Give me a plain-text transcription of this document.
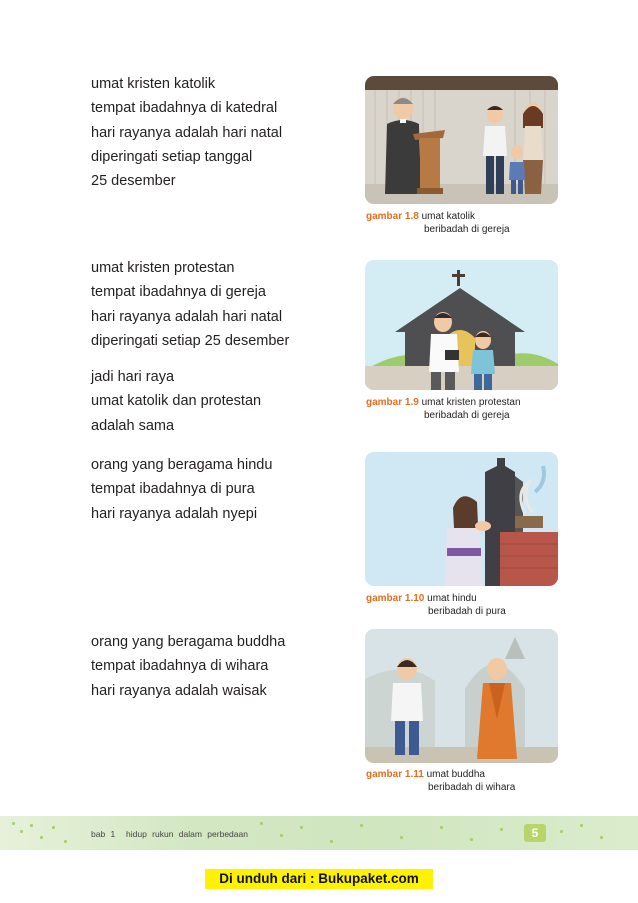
umat kristen katolik
tempat ibadahnya di katedral
hari rayanya adalah hari natal
diperingati setiap tanggal
25 desember
umat kristen protestan
tempat ibadahnya di gereja
hari rayanya adalah hari natal
diperingati setiap 25 desember
jadi hari raya
umat katolik dan protestan
adalah sama
orang yang beragama hindu
tempat ibadahnya di pura
hari rayanya adalah nyepi
orang yang beragama buddha
tempat ibadahnya di wihara
hari rayanya adalah waisak
gambar 1.8
umat katolik
beribadah di gereja
gambar 1.9
umat kristen protestan
beribadah di gereja
gambar 1.10
umat hindu
beribadah di pura
gambar 1.11
umat buddha
beribadah di wihara
bab 1 hidup rukun dalam perbedaan	5
Di unduh dari : Bukupaket.com
